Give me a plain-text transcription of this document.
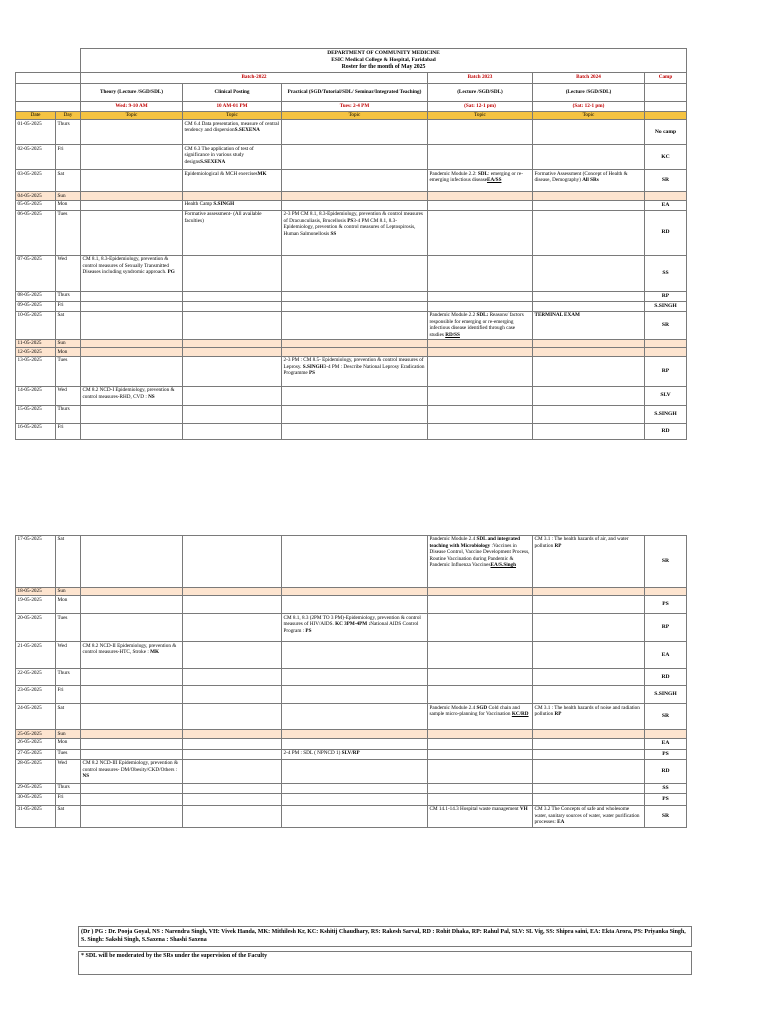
		DEPARTMENT OF COMMUNITY MEDICINE
ESIC Medical College & Hospital, Faridabad
Roster for the month of May 2025					

		Batch-2022			Batch 2023	Batch 2024	Camp
		Theory (Lecture /SGD/SDL)	Clinical Posting	Practical (SGD/Tutorial/SDL/ Seminar/Integrated Teaching)	(Lecture /SGD/SDL)	(Lecture /SGD/SDL)	
		Wed: 9-10 AM	10 AM-01 PM	Tues: 2-4 PM	(Sat: 12-1 pm)	(Sat: 12-1 pm)	
Date	Day	Topic	Topic	Topic	Topic	Topic	
01-05-2025	Thurs		CM 6.4 Data presentation, measure of central tendency and dispersionS.SEXENA				No camp
02-05-2025	Fri		CM 6.3 The application of test of significance in various study designsS.SEXENA				KC
03-05-2025	Sat		Epidemiological & MCH exercisesMK		Pandemic Module 2.2: SDL: emerging or re- emerging infectious diseaseEA/SS	Formative Assessment (Concept of Health & disease, Demography) All SRs	SR
04-05-2025	Sun						
05-05-2025	Mon		Health Camp S.SINGH				EA
06-05-2025	Tues		Formative assessment- (All available faculties)	2-3 PM CM 8.1, 8.3-Epidemiology, prevention & control measures of Dracunculiasis, Brucellosis PS3-4 PM CM 8.1, 8.3-Epidemiology, prevention & control measures of Leptospirosis, Human Salmonellosis SS			RD
07-05-2025	Wed	CM 8.1, 8.3-Epidemiology, prevention & control measures of Sexually Transmitted Diseases including syndromic approach. PG					SS
08-05-2025	Thurs						RP
09-05-2025	Fri						S.SINGH
10-05-2025	Sat				Pandemic Module 2.2 SDL: Reasons/ factors responsible for emerging or re-emerging infectious disease identified through case studies RD/SS	TERMINAL EXAM	SR
11-05-2025	Sun						
12-05-2025	Mon						
13-05-2025	Tues			2-3 PM : CM 8.5- Epidemiology, prevention & control measures of Leprosy. S.SINGH3-4 PM : Describe National Leprosy Eradication Programme PS			RP
14-05-2025	Wed	CM 8.2 NCD-I Epidemiology, prevention & control measures-RHD, CVD : NS					SLV
15-05-2025	Thurs						S.SINGH
16-05-2025	Fri						RD

17-05-2025	Sat				Pandemic Module 2.4 SDL and integrated teaching with Microbiology :Vaccines in Disease Control, Vaccine Development Process, Routine Vaccination during Pandemic & Pandemic Influenza VaccinesEA/S.Singh	CM 3.1 : The health hazards of air, and water pollution RP	SR
18-05-2025	Sun						
19-05-2025	Mon						PS
20-05-2025	Tues			CM 8.1, 8.3 (2PM TO 3 PM)-Epidemiology, prevention & control measures of HIV/AIDS. KC 3PM-4PM :National AIDS Control Program : PS			RP
21-05-2025	Wed	CM 8.2 NCD-II Epidemiology, prevention & control measures-HTC, Stroke : MK					EA
22-05-2025	Thurs						RD
23-05-2025	Fri						S.SINGH
24-05-2025	Sat				Pandemic Module 2.4 SGD Cold chain and sample micro-planning for Vaccination KC/RD	CM 3.1 : The health hazards of noise and radiation pollution RP	SR
25-05-2025	Sun						
26-05-2025	Mon						EA
27-05-2025	Tues			2-4 PM : SDL ( NPNCD 1) SLV/RP			PS
28-05-2025	Wed	CM 8.2 NCD-III Epidemiology, prevention & control measures- DM/Obesity/CKD/Others : NS					RD
29-05-2025	Thurs						SS
30-05-2025	Fri						PS
31-05-2025	Sat				CM 14.1-14.3 Hospital waste management VH	CM 3.2 The Concepts of safe and wholesome water, sanitary sources of water, water purification processes: EA	SR
(Dr ) PG : Dr. Pooja Goyal, NS : Narendra Singh, VH: Vivek Handa, MK: Mithilesh Kr, KC: Kshitij Chaudhary, RS: Rakesh Sarval, RD : Rohit Dhaka, RP: Rahul Pal, SLV: SL Vig, SS: Shipra saini, EA: Ekta Arora, PS: Priyanka Singh, S. Singh: Sakshi Singh, S.Saxena : Shashi Saxena
* SDL will be moderated by the SRs under the supervision of the Faculty
